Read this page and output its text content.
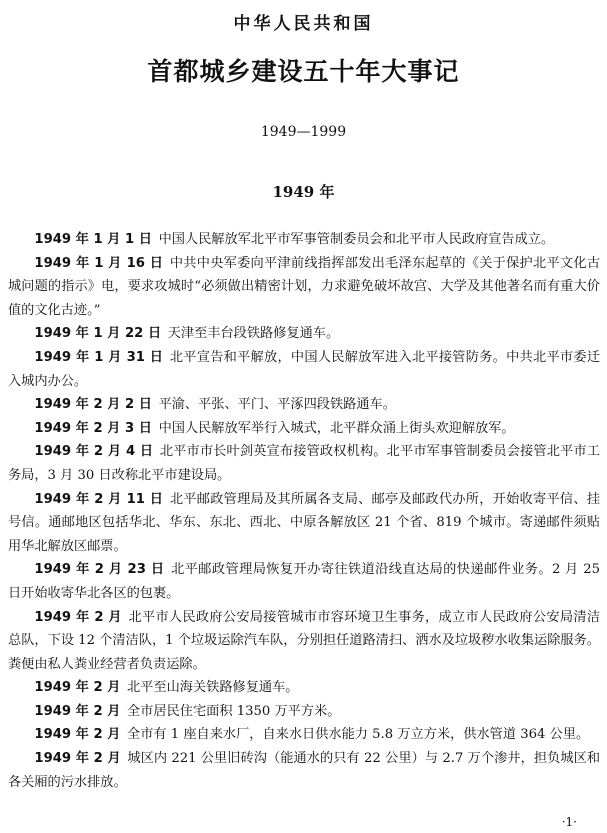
中华人民共和国
首都城乡建设五十年大事记
1949—1999
1949 年

1949 年 1 月 1 日 中国人民解放军北平市军事管制委员会和北平市人民政府宣告成立。

1949 年 1 月 16 日 中共中央军委向平津前线指挥部发出毛泽东起草的《关于保护北平文化古城问题的指示》电，要求攻城时“必须做出精密计划，力求避免破坏故宫、大学及其他著名而有重大价值的文化古迹。”

1949 年 1 月 22 日 天津至丰台段铁路修复通车。

1949 年 1 月 31 日 北平宣告和平解放，中国人民解放军进入北平接管防务。中共北平市委迁入城内办公。

1949 年 2 月 2 日 平渝、平张、平门、平涿四段铁路通车。

1949 年 2 月 3 日 中国人民解放军举行入城式，北平群众涌上街头欢迎解放军。

1949 年 2 月 4 日 北平市市长叶剑英宣布接管政权机构。北平市军事管制委员会接管北平市工务局，3 月 30 日改称北平市建设局。

1949 年 2 月 11 日 北平邮政管理局及其所属各支局、邮亭及邮政代办所，开始收寄平信、挂号信。通邮地区包括华北、华东、东北、西北、中原各解放区 21 个省、819 个城市。寄递邮件须贴用华北解放区邮票。

1949 年 2 月 23 日 北平邮政管理局恢复开办寄往铁道沿线直达局的快递邮件业务。2 月 25 日开始收寄华北各区的包裹。

1949 年 2 月 北平市人民政府公安局接管城市市容环境卫生事务，成立市人民政府公安局清洁总队，下设 12 个清洁队，1 个垃圾运除汽车队，分别担任道路清扫、洒水及垃圾秽水收集运除服务。粪便由私人粪业经营者负责运除。

1949 年 2 月 北平至山海关铁路修复通车。

1949 年 2 月 全市居民住宅面积 1350 万平方米。

1949 年 2 月 全市有 1 座自来水厂，自来水日供水能力 5.8 万立方米，供水管道 364 公里。

1949 年 2 月 城区内 221 公里旧砖沟（能通水的只有 22 公里）与 2.7 万个渗井，担负城区和各关厢的污水排放。

·1·
